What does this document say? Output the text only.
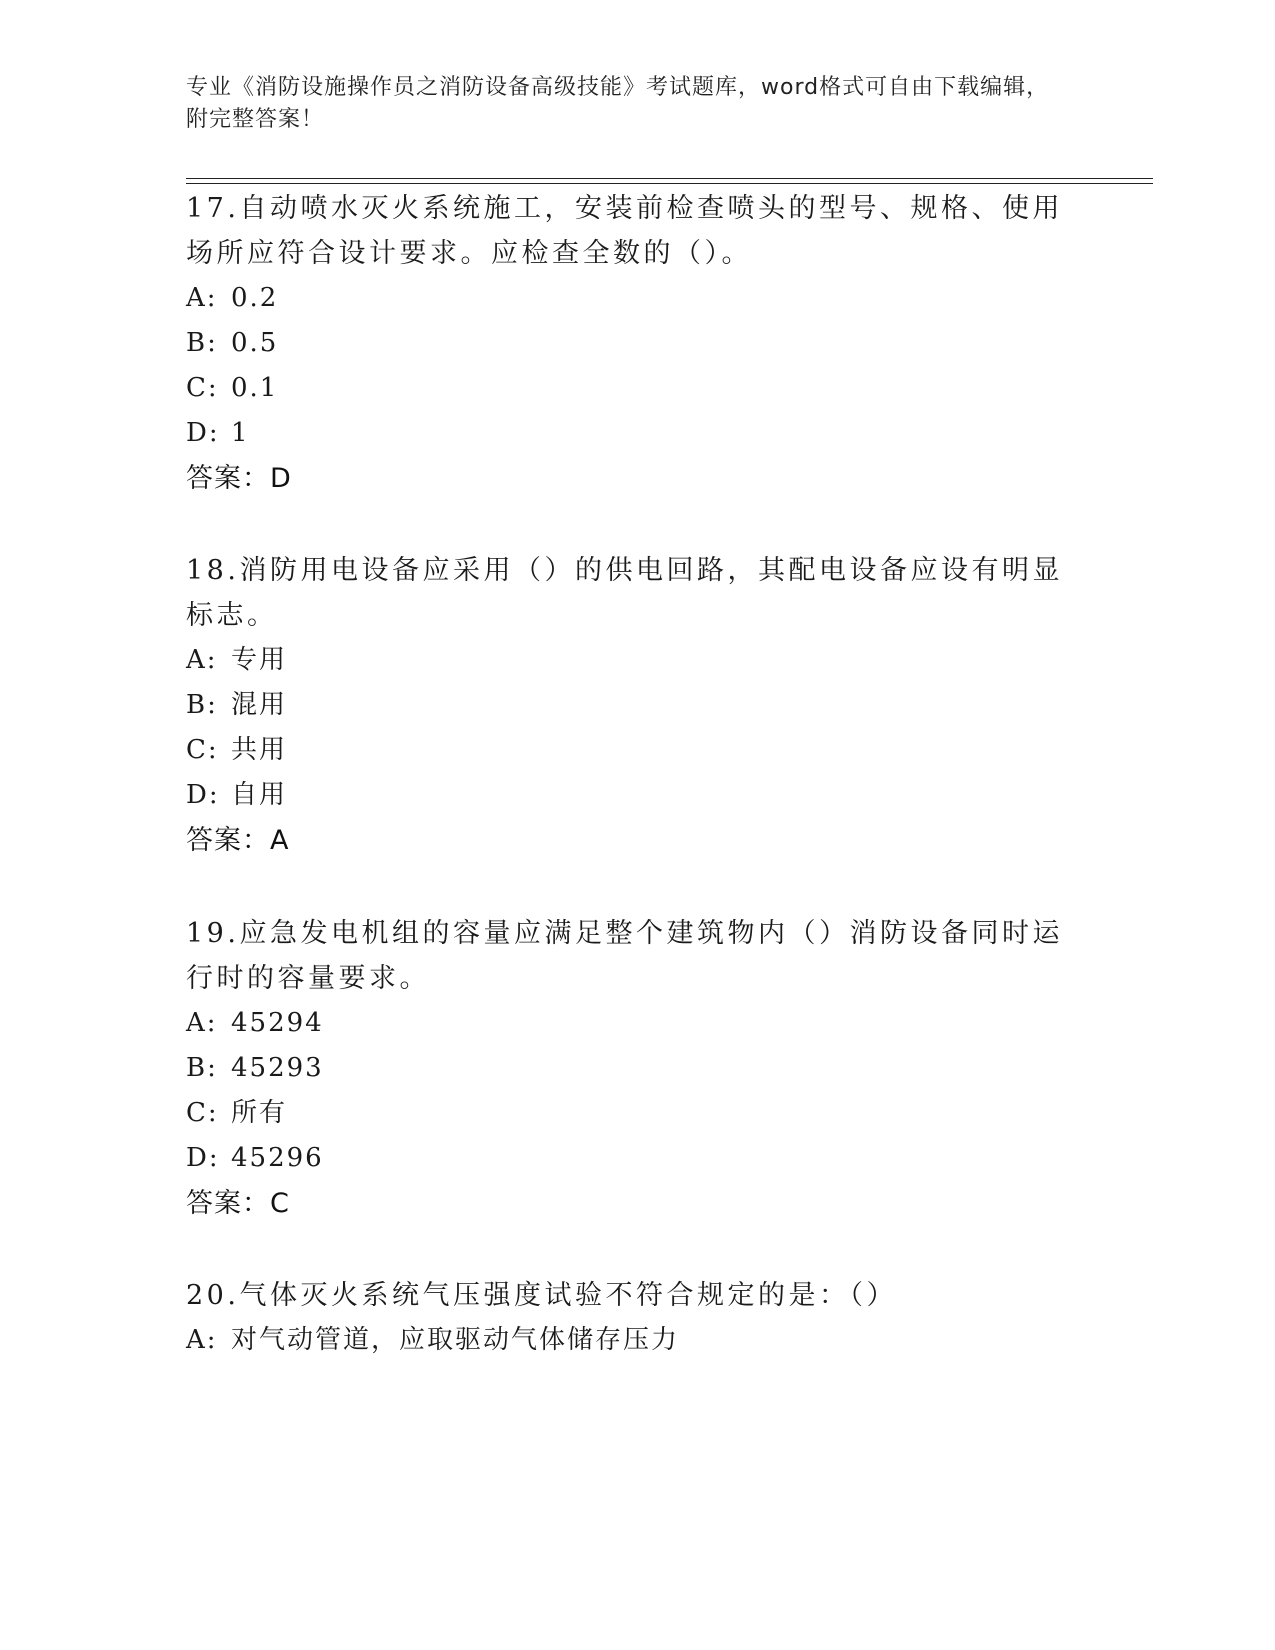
专业《消防设施操作员之消防设备高级技能》考试题库，word格式可自由下载编辑，附完整答案！

17.自动喷水灭火系统施工，安装前检查喷头的型号、规格、使用场所应符合设计要求。应检查全数的（）。

A: 0.2
B: 0.5
C: 0.1
D: 1
答案：D

18.消防用电设备应采用（）的供电回路，其配电设备应设有明显标志。

A: 专用
B: 混用
C: 共用
D: 自用
答案：A

19.应急发电机组的容量应满足整个建筑物内（）消防设备同时运行时的容量要求。

A: 45294
B: 45293
C: 所有
D: 45296
答案：C

20.气体灭火系统气压强度试验不符合规定的是：（）

A: 对气动管道，应取驱动气体储存压力
